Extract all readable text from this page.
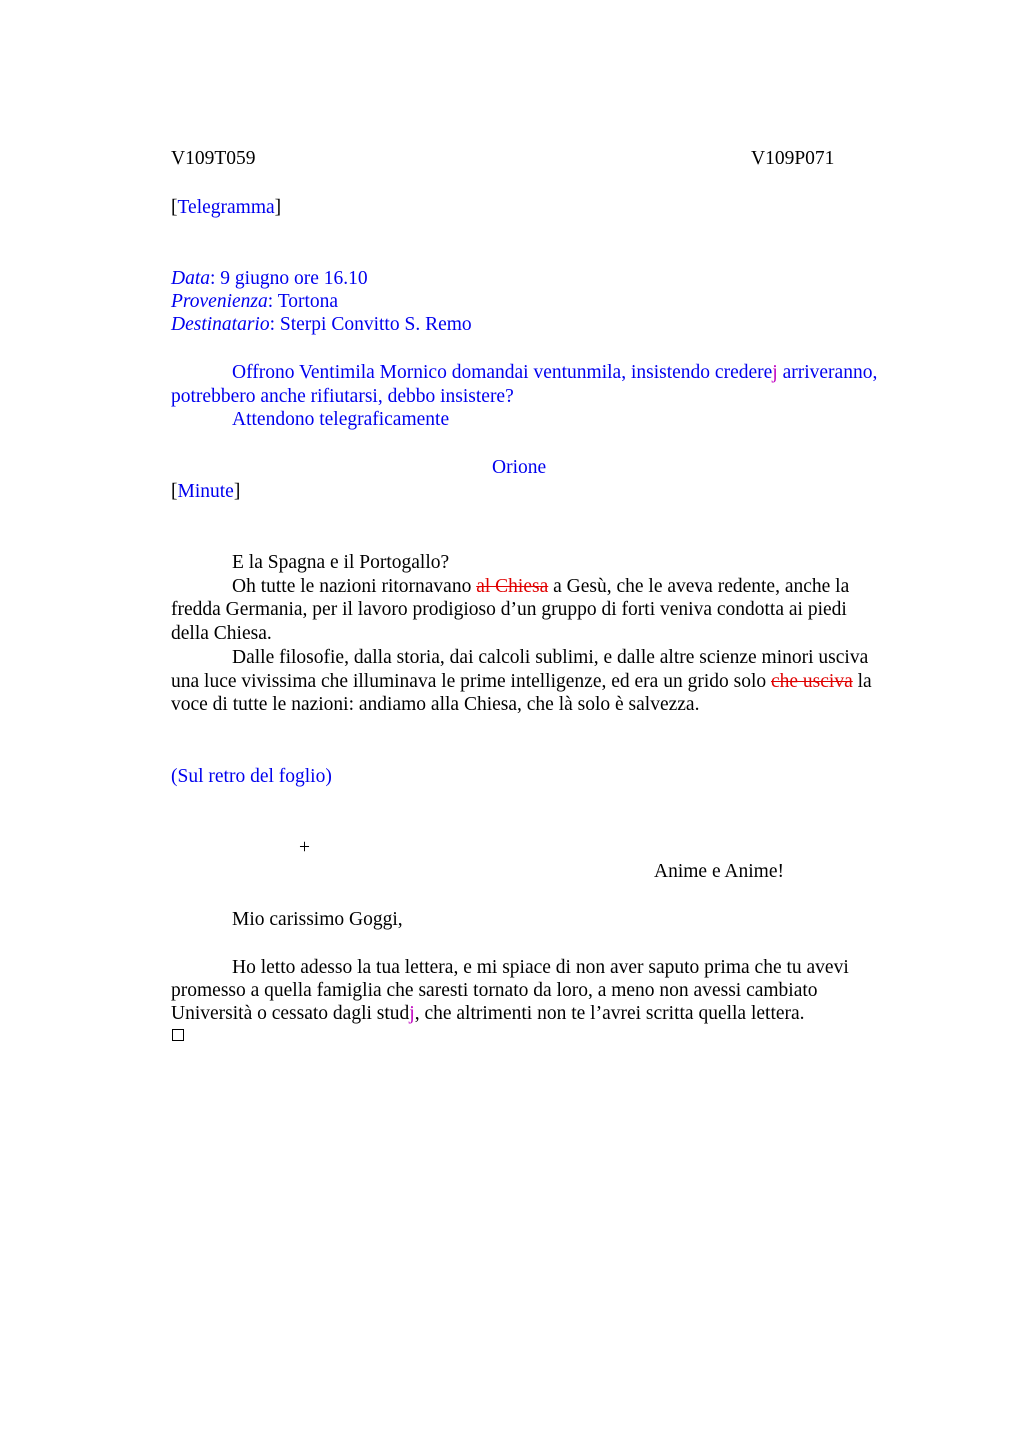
V109T059	V109P071
[Telegramma]
Data: 9 giugno ore 16.10
Provenienza: Tortona
Destinatario: Sterpi Convitto S. Remo
Offrono Ventimila Mornico domandai ventunmila, insistendo crederej arriveranno,
potrebbero anche rifiutarsi, debbo insistere?
Attendono telegraficamente
Orione
[Minute]
E la Spagna e il Portogallo?
Oh tutte le nazioni ritornavano al Chiesa a Gesù, che le aveva redente, anche la
fredda Germania, per il lavoro prodigioso d’un gruppo di forti veniva condotta ai piedi
della Chiesa.
Dalle filosofie, dalla storia, dai calcoli sublimi, e dalle altre scienze minori usciva
una luce vivissima che illuminava le prime intelligenze, ed era un grido solo che usciva la
voce di tutte le nazioni: andiamo alla Chiesa, che là solo è salvezza.
(Sul retro del foglio)
+
Anime e Anime!
Mio carissimo Goggi,
Ho letto adesso la tua lettera, e mi spiace di non aver saputo prima che tu avevi
promesso a quella famiglia che saresti tornato da loro, a meno non avessi cambiato
Università o cessato dagli studj, che altrimenti non te l’avrei scritta quella lettera.
